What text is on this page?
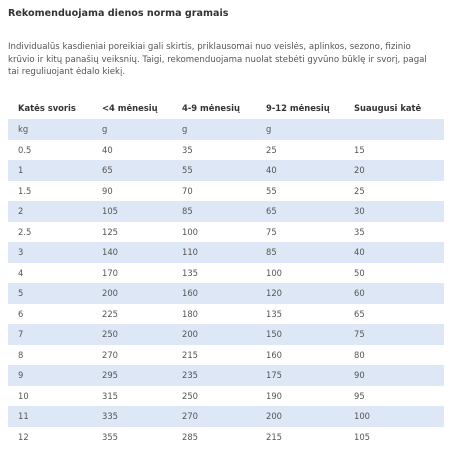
Rekomenduojama dienos norma gramais

Individualūs kasdieniai poreikiai gali skirtis, priklausomai nuo veislės, aplinkos, sezono, fizinio krūvio ir kitų panašių veiksnių. Taigi, rekomenduojama nuolat stebėti gyvūno būklę ir svorį, pagal tai reguliuojant ėdalo kiekį.

Katės svoris	<4 mėnesių	4-9 mėnesių	9-12 mėnesių	Suaugusi katė
kg	g	g	g	
0.5	40	35	25	15
1	65	55	40	20
1.5	90	70	55	25
2	105	85	65	30
2.5	125	100	75	35
3	140	110	85	40
4	170	135	100	50
5	200	160	120	60
6	225	180	135	65
7	250	200	150	75
8	270	215	160	80
9	295	235	175	90
10	315	250	190	95
11	335	270	200	100
12	355	285	215	105
